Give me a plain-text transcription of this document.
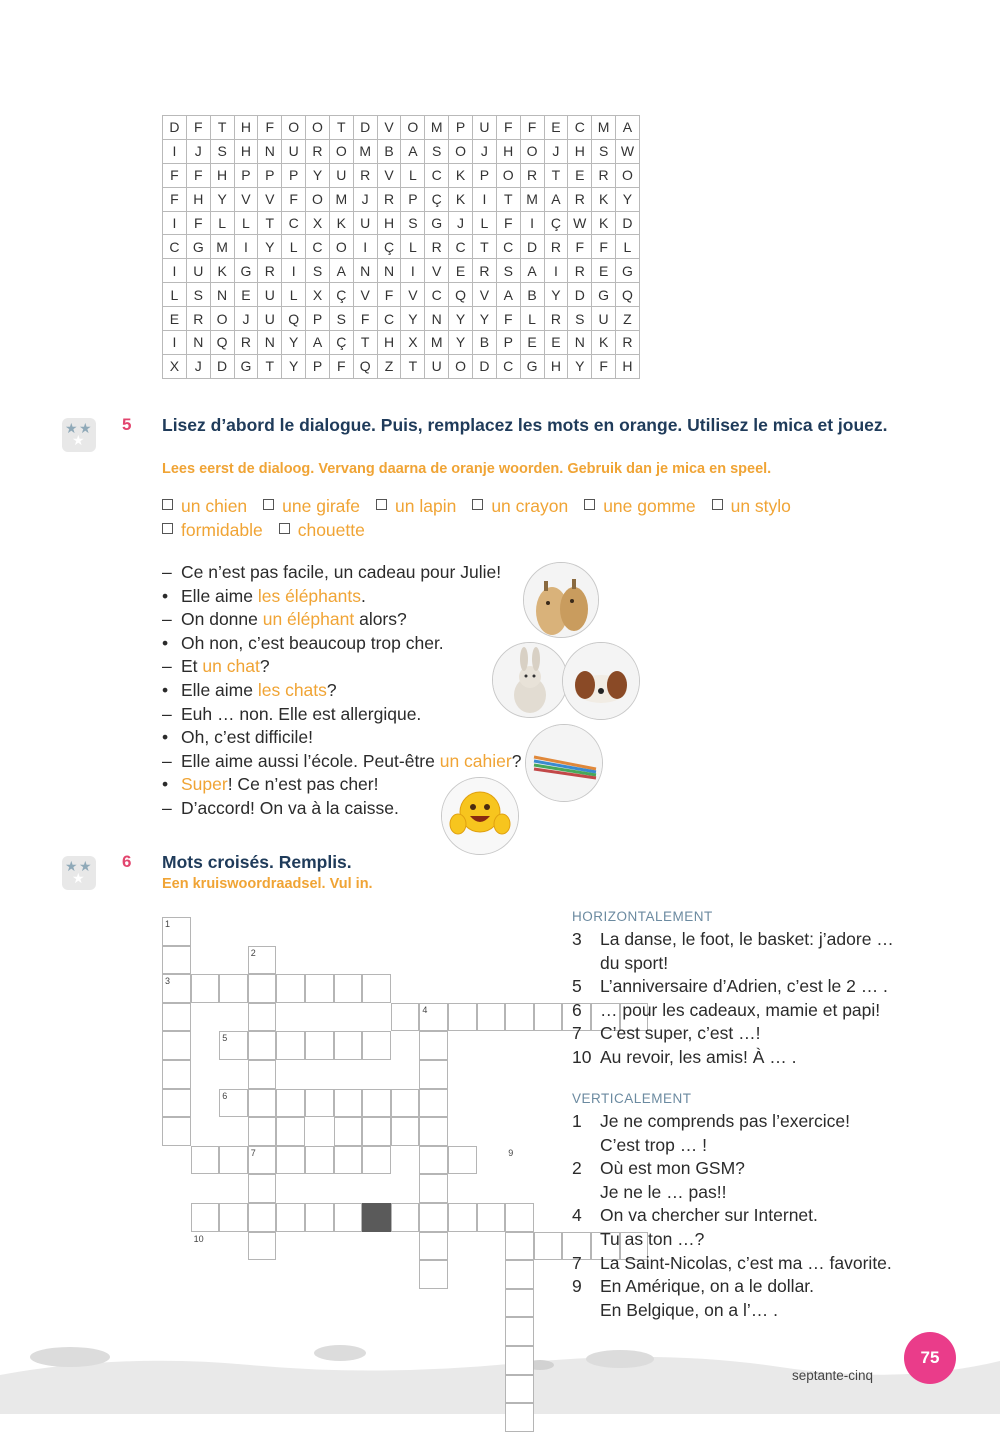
D	F	T	H	F	O	O	T	D	V	O	M	P	U	F	F	E	C	M	A
I	J	S	H	N	U	R	O	M	B	A	S	O	J	H	O	J	H	S	W
F	F	H	P	P	P	Y	U	R	V	L	C	K	P	O	R	T	E	R	O
F	H	Y	V	V	F	O	M	J	R	P	Ç	K	I	T	M	A	R	K	Y
I	F	L	L	T	C	X	K	U	H	S	G	J	L	F	I	Ç	W	K	D
C	G	M	I	Y	L	C	O	I	Ç	L	R	C	T	C	D	R	F	F	L
I	U	K	G	R	I	S	A	N	N	I	V	E	R	S	A	I	R	E	G
L	S	N	E	U	L	X	Ç	V	F	V	C	Q	V	A	B	Y	D	G	Q
E	R	O	J	U	Q	P	S	F	C	Y	N	Y	Y	F	L	R	S	U	Z
I	N	Q	R	N	Y	A	Ç	T	H	X	M	Y	B	P	E	E	N	K	R
X	J	D	G	T	Y	P	F	Q	Z	T	U	O	D	C	G	H	Y	F	H
★ ★
★
5 Lisez d’abord le dialogue. Puis, remplacez les mots en orange. Utilisez le mica et jouez.
Lees eerst de dialoog. Vervang daarna de oranje woorden. Gebruik dan je mica en speel.
un chien une girafe un lapin un crayon une gomme un stylo
formidable chouette
– Ce n’est pas facile, un cadeau pour Julie!
• Elle aime les éléphants.
– On donne un éléphant alors?
• Oh non, c’est beaucoup trop cher.
– Et un chat?
• Elle aime les chats?
– Euh … non. Elle est allergique.
• Oh, c’est difficile!
– Elle aime aussi l’école. Peut-être un cahier?
• Super! Ce n’est pas cher!
– D’accord! On va à la caisse.
★ ★
★
6 Mots croisés. Remplis.
Een kruiswoordraadsel. Vul in.
1
2
3
4
5
6
7	9
10
HORIZONTALEMENT
3 La danse, le foot, le basket: j’adore …
du sport!
5 L’anniversaire d’Adrien, c’est le 2 … .
6 … pour les cadeaux, mamie et papi!
7 C’est super, c’est …!
10 Au revoir, les amis! À … .
VERTICALEMENT
1 Je ne comprends pas l’exercice!
C’est trop … !
2 Où est mon GSM?
Je ne le … pas!!
4 On va chercher sur Internet.
Tu as ton …?
7 La Saint-Nicolas, c’est ma … favorite.
9 En Amérique, on a le dollar.
En Belgique, on a l’… .
septante-cinq
75
